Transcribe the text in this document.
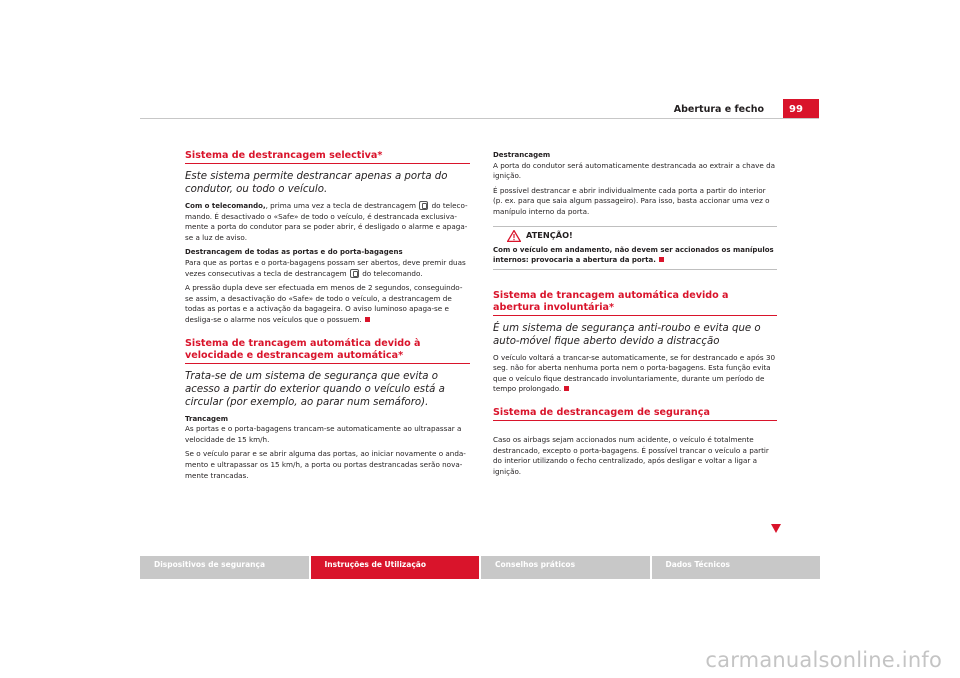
Abertura e fecho	99
Sistema de destrancagem selectiva*
Este sistema permite destrancar apenas a porta do condutor, ou todo o veículo.

Com o telecomando,, prima uma vez a tecla de destrancagem do teleco-mando. É desactivado o «Safe» de todo o veículo, é destrancada exclusiva-mente a porta do condutor para se poder abrir, é desligado o alarme e apaga-se a luz de aviso.

Destrancagem de todas as portas e do porta-bagagens

Para que as portas e o porta-bagagens possam ser abertos, deve premir duas vezes consecutivas a tecla de destrancagem do telecomando.

A pressão dupla deve ser efectuada em menos de 2 segundos, conseguindo-se assim, a desactivação do «Safe» de todo o veículo, a destrancagem de todas as portas e a activação da bagageira. O aviso luminoso apaga-se e desliga-se o alarme nos veículos que o possuem.

Sistema de trancagem automática devido à velocidade e destrancagem automática*
Trata-se de um sistema de segurança que evita o acesso a partir do exterior quando o veículo está a circular (por exemplo, ao parar num semáforo).
Trancagem

As portas e o porta-bagagens trancam-se automaticamente ao ultrapassar a velocidade de 15 km/h.

Se o veículo parar e se abrir alguma das portas, ao iniciar novamente o anda-mento e ultrapassar os 15 km/h, a porta ou portas destrancadas serão nova-mente trancadas.

Destrancagem

A porta do condutor será automaticamente destrancada ao extrair a chave da ignição.

É possível destrancar e abrir individualmente cada porta a partir do interior (p. ex. para que saia algum passageiro). Para isso, basta accionar uma vez o manípulo interno da porta.

ATENÇÃO!
Com o veículo em andamento, não devem ser accionados os manípulos internos: provocaria a abertura da porta.
Sistema de trancagem automática devido a abertura involuntária*
É um sistema de segurança anti-roubo e evita que o auto-móvel fique aberto devido a distracção

O veículo voltará a trancar-se automaticamente, se for destrancado e após 30 seg. não for aberta nenhuma porta nem o porta-bagagens. Esta função evita que o veículo fique destrancado involuntariamente, durante um período de tempo prolongado.

Sistema de destrancagem de segurança

Caso os airbags sejam accionados num acidente, o veículo é totalmente destrancado, excepto o porta-bagagens. É possível trancar o veículo a partir do interior utilizando o fecho centralizado, após desligar e voltar a ligar a ignição.

Dispositivos de segurança	Instruções de Utilização	Conselhos práticos	Dados Técnicos
carmanualsonline.info
